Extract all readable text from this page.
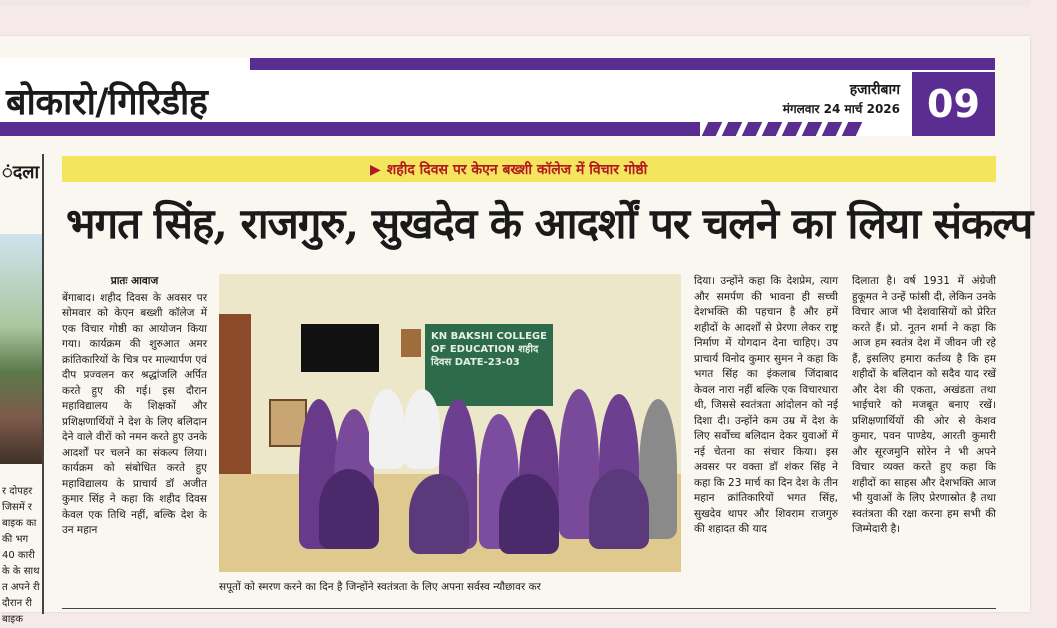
बोकारो/गिरिडीह	हजारीबाग
मंगलवार 24 मार्च 2026 09
ंदला
र दोपहर जिसमें र बाइक का की भग 40 कारी के के साथ त अपने री दौरान री बाइक
▶ शहीद दिवस पर केएन बख्शी कॉलेज में विचार गोष्ठी
भगत सिंह, राजगुरु, सुखदेव के आदर्शों पर चलने का लिया संकल्प
प्रातः आवाज
बेंगाबाद। शहीद दिवस के अवसर पर सोमवार को केएन बख्शी कॉलेज में एक विचार गोष्ठी का आयोजन किया गया। कार्यक्रम की शुरुआत अमर क्रांतिकारियों के चित्र पर माल्यार्पण एवं दीप प्रज्वलन कर श्रद्धांजलि अर्पित करते हुए की गई। इस दौरान महाविद्यालय के शिक्षकों और प्रशिक्षणार्थियों ने देश के लिए बलिदान देने वाले वीरों को नमन करते हुए उनके आदर्शों पर चलने का संकल्प लिया। कार्यक्रम को संबोधित करते हुए महाविद्यालय के प्राचार्य डॉ अजीत कुमार सिंह ने कहा कि शहीद दिवस केवल एक तिथि नहीं, बल्कि देश के उन महान
KN BAKSHI COLLEGE OF EDUCATION शहीद दिवस DATE-23-03
सपूतों को स्मरण करने का दिन है जिन्होंने स्वतंत्रता के लिए अपना सर्वस्व न्यौछावर कर
दिया। उन्होंने कहा कि देशप्रेम, त्याग और समर्पण की भावना ही सच्ची देशभक्ति की पहचान है और हमें शहीदों के आदर्शों से प्रेरणा लेकर राष्ट्र निर्माण में योगदान देना चाहिए। उप प्राचार्य विनोद कुमार सुमन ने कहा कि भगत सिंह का इंकलाब जिंदाबाद केवल नारा नहीं बल्कि एक विचारधारा थी, जिससे स्वतंत्रता आंदोलन को नई दिशा दी। उन्होंने कम उम्र में देश के लिए सर्वोच्च बलिदान देकर युवाओं में नई चेतना का संचार किया। इस अवसर पर वक्ता डॉ शंकर सिंह ने कहा कि 23 मार्च का दिन देश के तीन महान क्रांतिकारियों भगत सिंह, सुखदेव थापर और शिवराम राजगुरु की शहादत की याद
दिलाता है। वर्ष 1931 में अंग्रेजी हुकूमत ने उन्हें फांसी दी, लेकिन उनके विचार आज भी देशवासियों को प्रेरित करते हैं। प्रो. नूतन शर्मा ने कहा कि आज हम स्वतंत्र देश में जीवन जी रहे हैं, इसलिए हमारा कर्तव्य है कि हम शहीदों के बलिदान को सदैव याद रखें और देश की एकता, अखंडता तथा भाईचारे को मजबूत बनाए रखें। प्रशिक्षणार्थियों की ओर से केशव कुमार, पवन पाण्डेय, आरती कुमारी और सूरजमुनि सोरेन ने भी अपने विचार व्यक्त करते हुए कहा कि शहीदों का साहस और देशभक्ति आज भी युवाओं के लिए प्रेरणास्रोत है तथा स्वतंत्रता की रक्षा करना हम सभी की जिम्मेदारी है।
